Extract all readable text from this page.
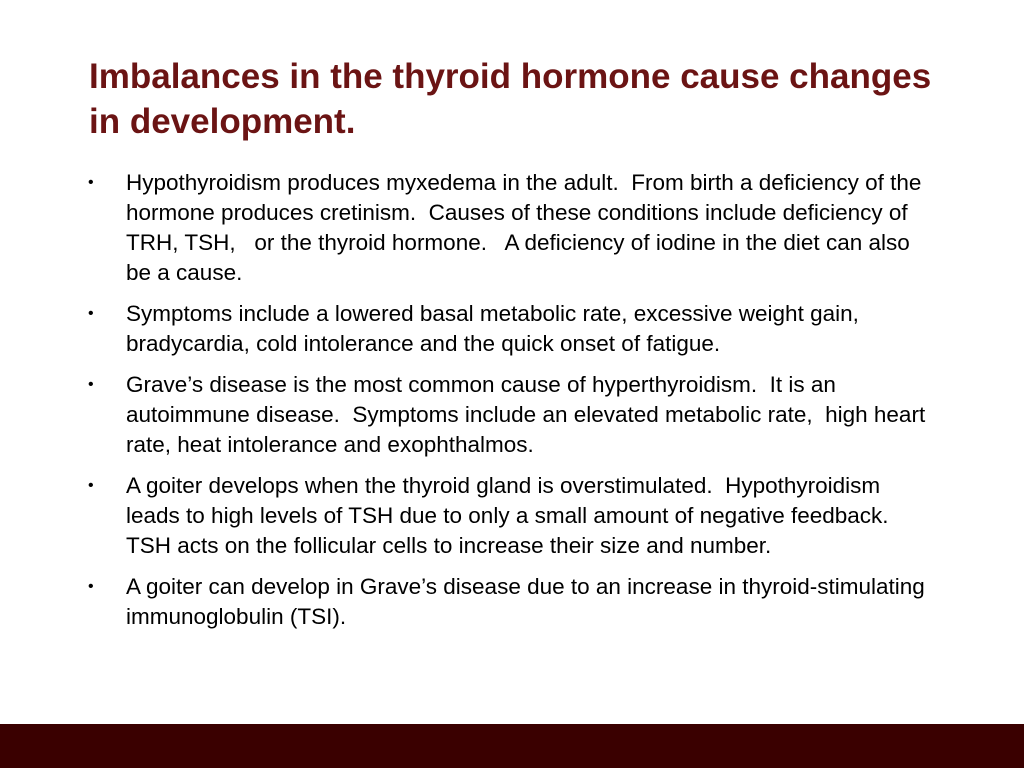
Imbalances in the thyroid hormone cause changes in development.
• Hypothyroidism produces myxedema in the adult.  From birth a deficiency of the hormone produces cretinism.  Causes of these conditions include deficiency of TRH, TSH,   or the thyroid hormone.   A deficiency of iodine in the diet can also be a cause.
• Symptoms include a lowered basal metabolic rate, excessive weight gain, bradycardia, cold intolerance and the quick onset of fatigue.
• Grave’s disease is the most common cause of hyperthyroidism.  It is an autoimmune disease.  Symptoms include an elevated metabolic rate,  high heart rate, heat intolerance and exophthalmos.
• A goiter develops when the thyroid gland is overstimulated.  Hypothyroidism leads to high levels of TSH due to only a small amount of negative feedback.  TSH acts on the follicular cells to increase their size and number.
• A goiter can develop in Grave’s disease due to an increase in thyroid-stimulating immunoglobulin (TSI).
